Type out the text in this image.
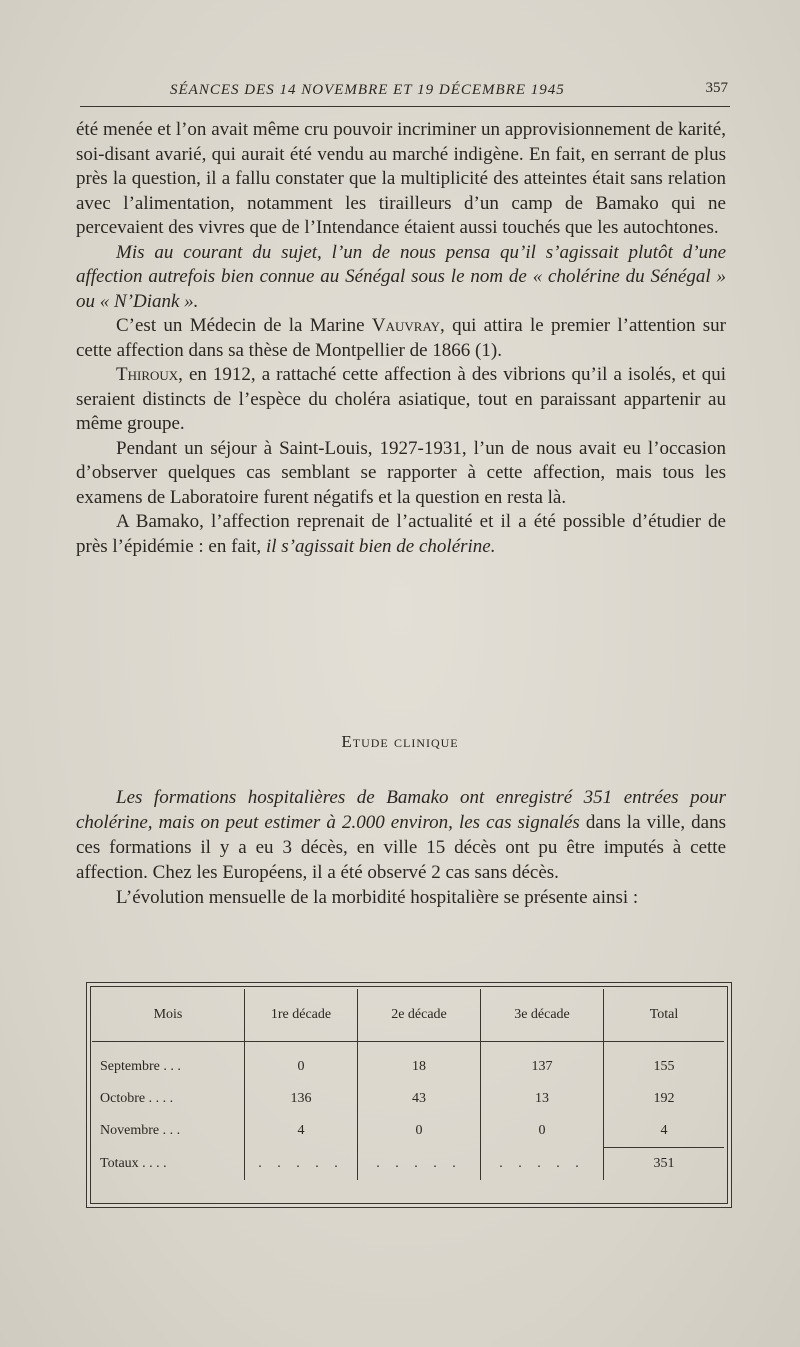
SÉANCES DES 14 NOVEMBRE ET 19 DÉCEMBRE 1945	357

été menée et l’on avait même cru pouvoir incriminer un approvisionnement de karité, soi-disant avarié, qui aurait été vendu au marché indigène. En fait, en serrant de plus près la question, il a fallu constater que la multiplicité des atteintes était sans relation avec l’alimentation, notamment les tirailleurs d’un camp de Bamako qui ne percevaient des vivres que de l’Intendance étaient aussi touchés que les autochtones.

Mis au courant du sujet, l’un de nous pensa qu’il s’agissait plutôt d’une affection autrefois bien connue au Sénégal sous le nom de « cholérine du Sénégal » ou « N’Diank ».

C’est un Médecin de la Marine Vauvray, qui attira le premier l’attention sur cette affection dans sa thèse de Montpellier de 1866 (1).

Thiroux, en 1912, a rattaché cette affection à des vibrions qu’il a isolés, et qui seraient distincts de l’espèce du choléra asiatique, tout en paraissant appartenir au même groupe.

Pendant un séjour à Saint-Louis, 1927-1931, l’un de nous avait eu l’occasion d’observer quelques cas semblant se rapporter à cette affection, mais tous les examens de Laboratoire furent négatifs et la question en resta là.

A Bamako, l’affection reprenait de l’actualité et il a été possible d’étudier de près l’épidémie : en fait, il s’agissait bien de cholérine.

Etude clinique

Les formations hospitalières de Bamako ont enregistré 351 entrées pour cholérine, mais on peut estimer à 2.000 environ, les cas signalés dans la ville, dans ces formations il y a eu 3 décès, en ville 15 décès ont pu être imputés à cette affection. Chez les Européens, il a été observé 2 cas sans décès.

L’évolution mensuelle de la morbidité hospitalière se présente ainsi :

Mois	1re décade	2e décade	3e décade	Total
Septembre . . .	0	18	137	155
Octobre . . . .	136	43	13	192
Novembre . . .	4	0	0	4
Totaux . . . .	. . . . .	. . . . .	. . . . .	351
